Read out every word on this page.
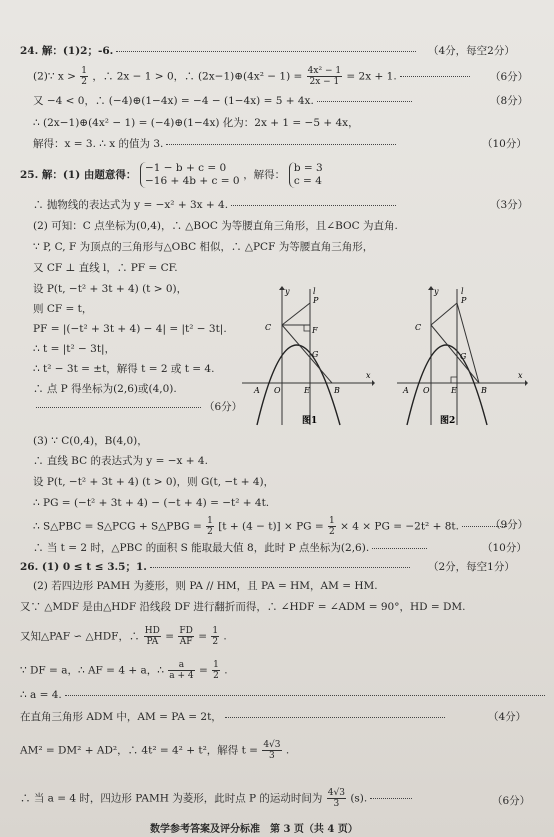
24. 解：(1)2；-6.	（4分，每空2分）
(2)∵ $x > \frac{1}{2}$ ，∴ 2x − 1 > 0，∴ (2x−1)⊕(4x² − $1) = \frac{\text{4x² − 1}}{2x - 1} = 2x + 1$.	（6分）
又 −4 < 0，∴ (−4)⊕(1−4x) = −4 − (1−4x) = 5 + 4x.	（8分）
∴ (2x−1)⊕(4x² − 1) = (−4)⊕(1−4x) 化为：2x + 1 = −5 + 4x，
解得：x = 3. ∴ x 的值为 3.	（10分）
25. 解：(1) 由题意得： −1 − b + c = 0
−16 + 4b + c = 0 ，解得： b = 3
c = 4
∴ 抛物线的表达式为 y = −x² + 3x + 4.	（3分）
(2) 可知：C 点坐标为(0,4)，∴ △BOC 为等腰直角三角形，且∠BOC 为直角.
∵ P, C, F 为顶点的三角形与△OBC 相似，∴ △PCF 为等腰直角三角形，
又 CF ⊥ 直线 l，∴ PF = CF.
设 P(t, −t² + 3t + 4) (t > 0)，
则 CF = t，
PF = |(−t² + 3t + 4) − 4| = |t² − 3t|.
∴ t = |t² − 3t|，
∴ t² − 3t = ±t，解得 t = 2 或 t = 4.
∴ 点 P 得坐标为(2,6)或(4,0).
（6分）
C
P
F
G
A O	E	B
y	l
x
图1
C
P
G
A O	E	B
y	l
x
图2
(3) ∵ C(0,4)，B(4,0)，
∴ 直线 BC 的表达式为 y = −x + 4.
设 P(t, −t² + 3t + 4) (t > 0)，则 G(t, −t + 4)，
∴ PG = (−t² + 3t + 4) − (−t + 4) = −t² + 4t.
∴ S△PBC = S△PCG + S△PBG = $\frac{1}{2} [t + (4 - t)]$ × PG = $\frac{1}{2} \times 4$ × PG = −2t² + 8t.	（9分）
∴ 当 t = 2 时，△PBC 的面积 S 能取最大值 8，此时 P 点坐标为(2,6).	（10分）
26. (1) 0 ≤ t ≤ 3.5；1.	（2分，每空1分）
(2) 若四边形 PAMH 为菱形，则 PA // HM，且 PA = HM，AM = HM.
又∵ △MDF 是由△HDF 沿线段 DF 进行翻折而得，∴ ∠HDF = ∠ADM = 90°，HD = DM.
又知△PAF ∽ △HDF，∴ $\frac{HD}{PA} = \frac{FD}{AF} = \frac{1}{2}$ .
∵ DF = a，∴ AF = 4 + a，∴ $\frac{a}{a + 4} = \frac{1}{2}$ .
∴ a = 4.
在直角三角形 ADM 中，AM = PA = 2t，	（4分）
AM² = DM² + AD²，∴ 4t² = 4² + t²，解得 $t = \frac{4√3}{3}$ .
∴ 当 a = 4 时，四边形 PAMH 为菱形，此时点 P 的运动时间为 $\frac{4√3}{3} (s)$.	（6分）
数学参考答案及评分标准　第 3 页（共 4 页）
